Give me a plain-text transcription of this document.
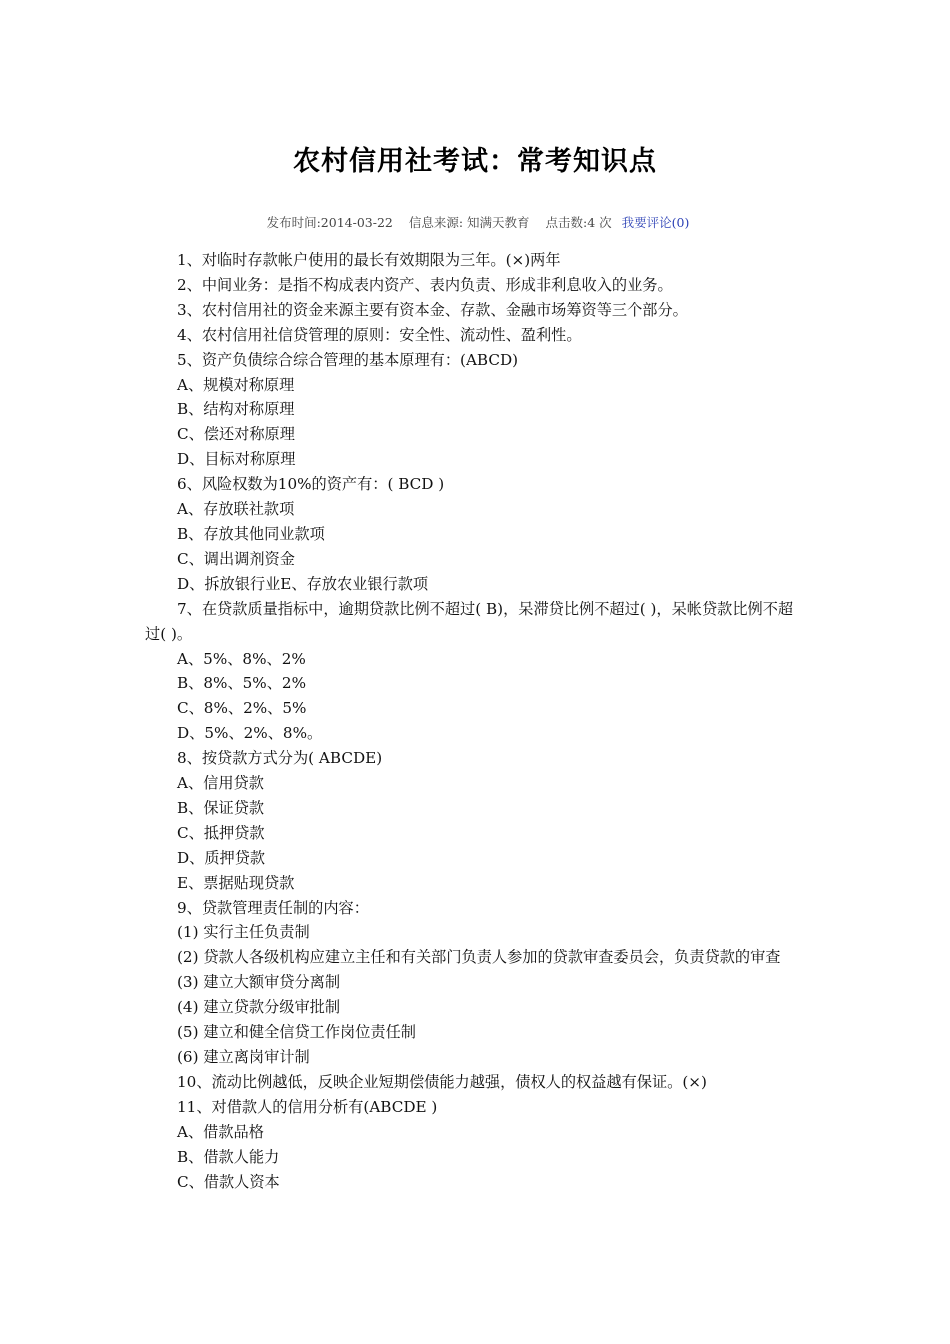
农村信用社考试：常考知识点
发布时间:2014-03-22 信息来源: 知满天教育 点击数:4 次 我要评论(0)

1、对临时存款帐户使用的最长有效期限为三年。(×)两年

2、中间业务：是指不构成表内资产、表内负责、形成非利息收入的业务。

3、农村信用社的资金来源主要有资本金、存款、金融市场筹资等三个部分。

4、农村信用社信贷管理的原则：安全性、流动性、盈利性。

5、资产负债综合综合管理的基本原理有：(ABCD)

A、规模对称原理

B、结构对称原理

C、偿还对称原理

D、目标对称原理

6、风险权数为10%的资产有：( BCD )

A、存放联社款项

B、存放其他同业款项

C、调出调剂资金

D、拆放银行业E、存放农业银行款项

7、在贷款质量指标中，逾期贷款比例不超过( B)，呆滞贷比例不超过( )，呆帐贷款比例不超过( )。

A、5%、8%、2%

B、8%、5%、2%

C、8%、2%、5%

D、5%、2%、8%。

8、按贷款方式分为( ABCDE)

A、信用贷款

B、保证贷款

C、抵押贷款

D、质押贷款

E、票据贴现贷款

9、贷款管理责任制的内容：

(1) 实行主任负责制

(2) 贷款人各级机构应建立主任和有关部门负责人参加的贷款审查委员会，负责贷款的审查

(3) 建立大额审贷分离制

(4) 建立贷款分级审批制

(5) 建立和健全信贷工作岗位责任制

(6) 建立离岗审计制

10、流动比例越低，反映企业短期偿债能力越强，债权人的权益越有保证。(×)

11、对借款人的信用分析有(ABCDE )

A、借款品格

B、借款人能力

C、借款人资本
